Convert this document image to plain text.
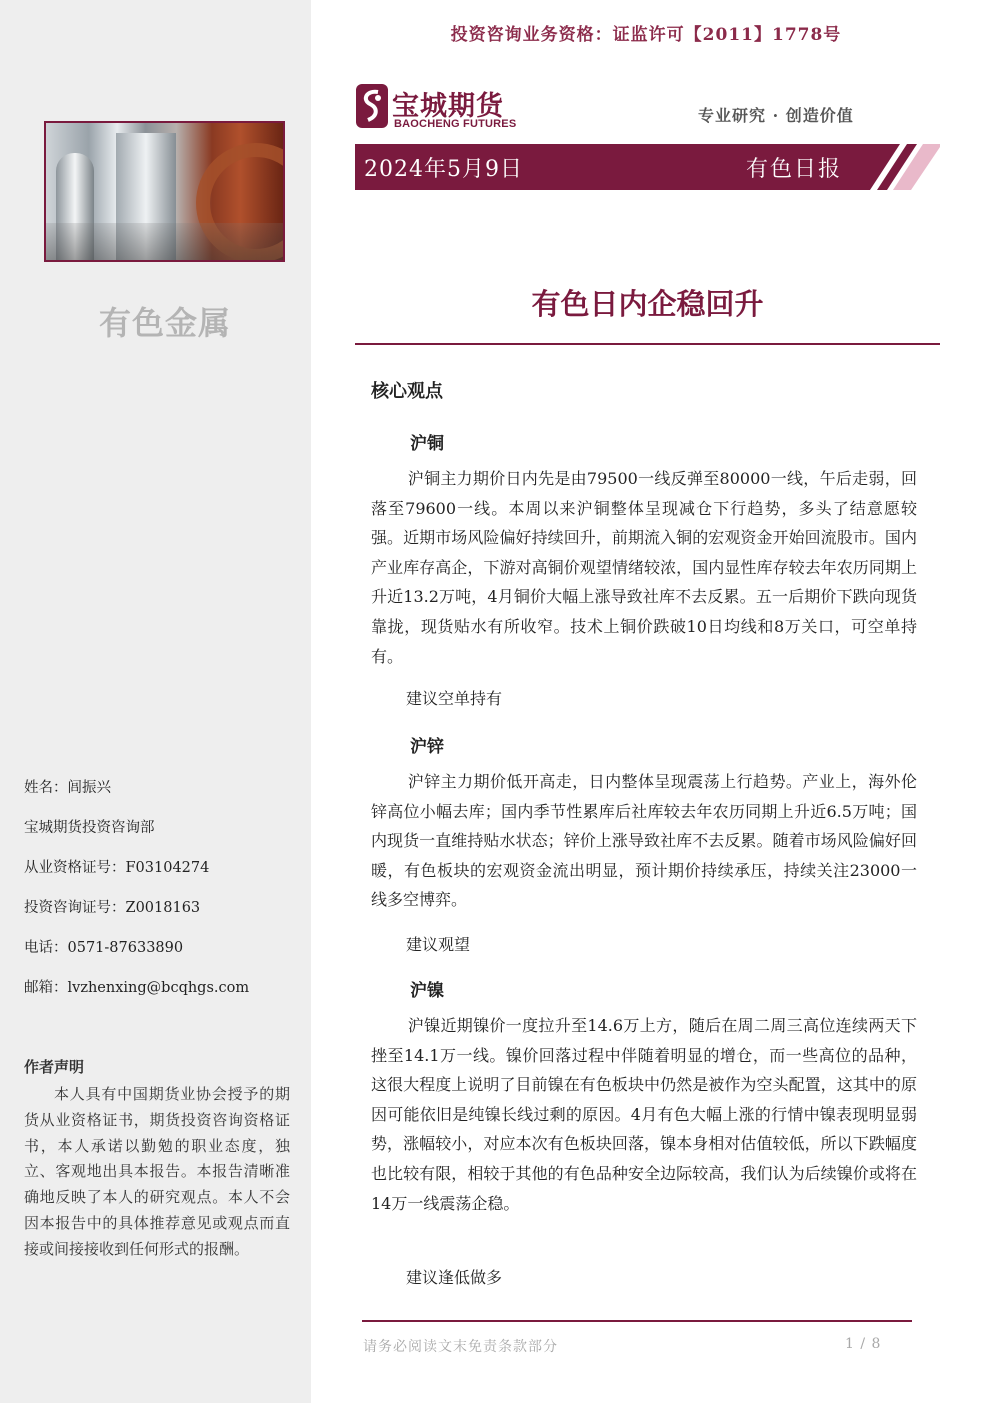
有色金属
姓名：闾振兴
宝城期货投资咨询部
从业资格证号：F03104274
投资咨询证号：Z0018163
电话：0571-87633890
邮箱：lvzhenxing@bcqhgs.com
作者声明
本人具有中国期货业协会授予的期货从业资格证书，期货投资咨询资格证书，本人承诺以勤勉的职业态度，独立、客观地出具本报告。本报告清晰准确地反映了本人的研究观点。本人不会因本报告中的具体推荐意见或观点而直接或间接接收到任何形式的报酬。
投资咨询业务资格：证监许可【2011】1778号
宝城期货
BAOCHENG FUTURES	专业研究 · 创造价值
2024年5月9日	有色日报
有色日内企稳回升
核心观点
沪铜
沪铜主力期价日内先是由79500一线反弹至80000一线，午后走弱，回落至79600一线。本周以来沪铜整体呈现减仓下行趋势，多头了结意愿较强。近期市场风险偏好持续回升，前期流入铜的宏观资金开始回流股市。国内产业库存高企，下游对高铜价观望情绪较浓，国内显性库存较去年农历同期上升近13.2万吨，4月铜价大幅上涨导致社库不去反累。五一后期价下跌向现货靠拢，现货贴水有所收窄。技术上铜价跌破10日均线和8万关口，可空单持有。
建议空单持有
沪锌
沪锌主力期价低开高走，日内整体呈现震荡上行趋势。产业上，海外伦锌高位小幅去库；国内季节性累库后社库较去年农历同期上升近6.5万吨；国内现货一直维持贴水状态；锌价上涨导致社库不去反累。随着市场风险偏好回暖，有色板块的宏观资金流出明显，预计期价持续承压，持续关注23000一线多空博弈。
建议观望
沪镍
沪镍近期镍价一度拉升至14.6万上方，随后在周二周三高位连续两天下挫至14.1万一线。镍价回落过程中伴随着明显的增仓，而一些高位的品种，这很大程度上说明了目前镍在有色板块中仍然是被作为空头配置，这其中的原因可能依旧是纯镍长线过剩的原因。4月有色大幅上涨的行情中镍表现明显弱势，涨幅较小，对应本次有色板块回落，镍本身相对估值较低，所以下跌幅度也比较有限，相较于其他的有色品种安全边际较高，我们认为后续镍价或将在14万一线震荡企稳。
建议逢低做多
请务必阅读文末免责条款部分	1 / 8
